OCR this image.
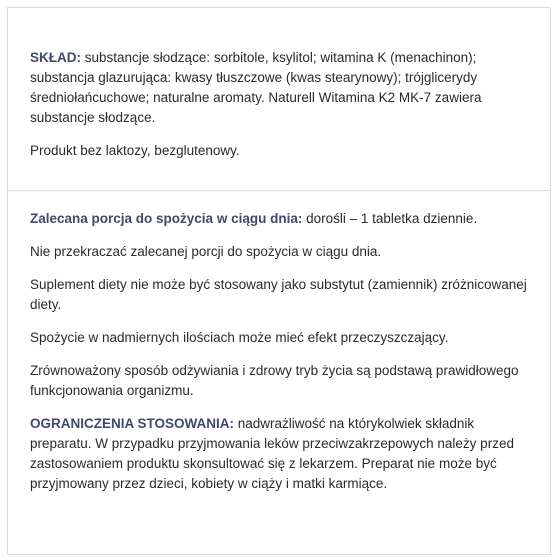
SKŁAD: substancje słodzące: sorbitole, ksylitol; witamina K (menachinon); substancja glazurująca: kwasy tłuszczowe (kwas stearynowy); trójglicerydy średniołańcuchowe; naturalne aromaty. Naturell Witamina K2 MK-7 zawiera substancje słodzące.

Produkt bez laktozy, bezglutenowy.

Zalecana porcja do spożycia w ciągu dnia: dorośli – 1 tabletka dziennie.

Nie przekraczać zalecanej porcji do spożycia w ciągu dnia.

Suplement diety nie może być stosowany jako substytut (zamiennik) zróżnicowanej diety.

Spożycie w nadmiernych ilościach może mieć efekt przeczyszczający.

Zrównoważony sposób odżywiania i zdrowy tryb życia są podstawą prawidłowego funkcjonowania organizmu.

OGRANICZENIA STOSOWANIA: nadwrażliwość na którykolwiek składnik preparatu. W przypadku przyjmowania leków przeciwzakrzepowych należy przed zastosowaniem produktu skonsultować się z lekarzem. Preparat nie może być przyjmowany przez dzieci, kobiety w ciąży i matki karmiące.
